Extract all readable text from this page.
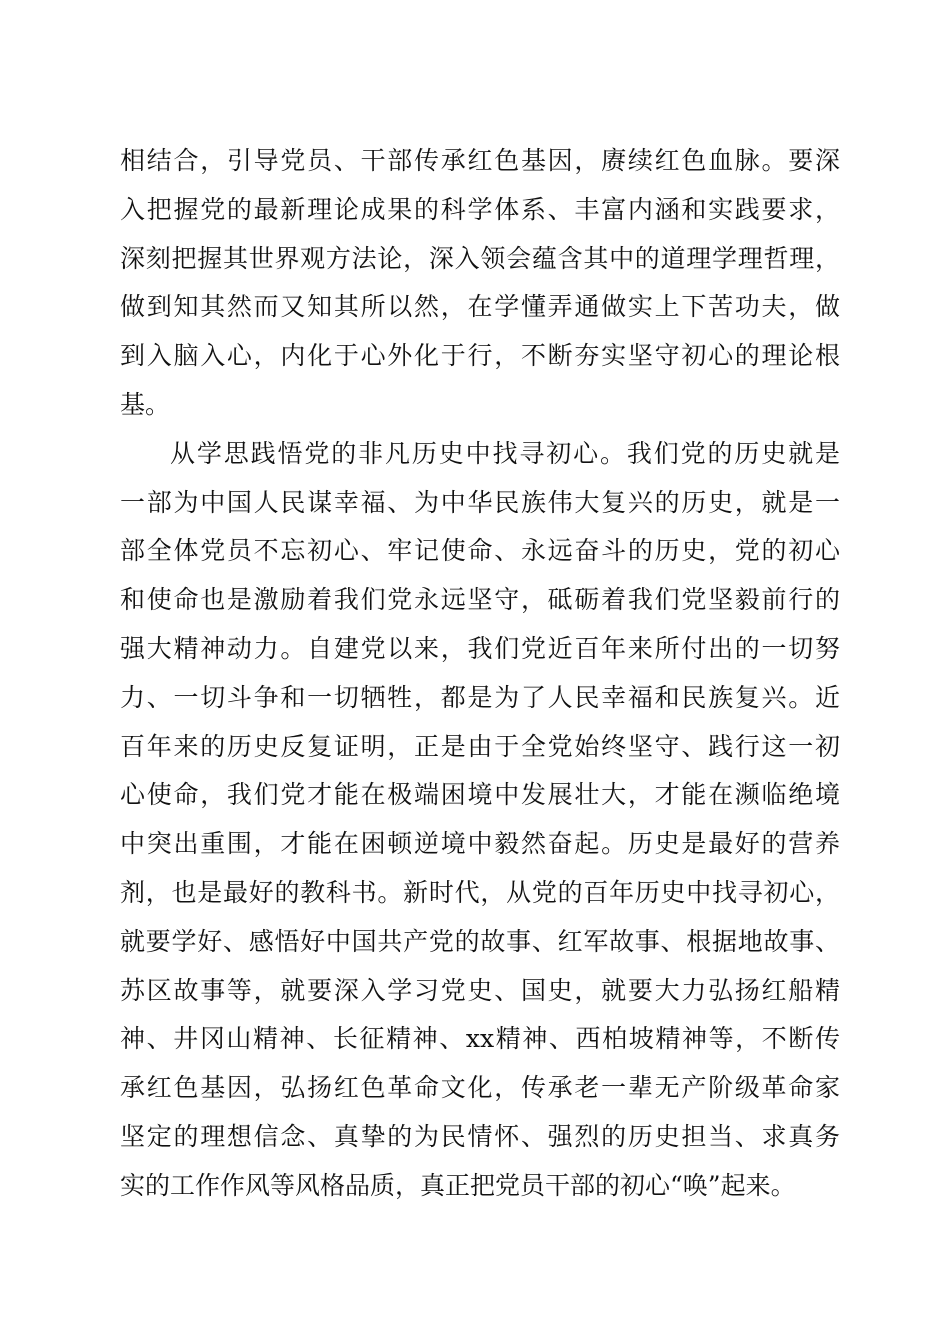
相结合，引导党员、干部传承红色基因，赓续红色血脉。要深
入把握党的最新理论成果的科学体系、丰富内涵和实践要求，
深刻把握其世界观方法论，深入领会蕴含其中的道理学理哲理，
做到知其然而又知其所以然，在学懂弄通做实上下苦功夫，做
到入脑入心，内化于心外化于行，不断夯实坚守初心的理论根
基。
从学思践悟党的非凡历史中找寻初心。我们党的历史就是
一部为中国人民谋幸福、为中华民族伟大复兴的历史，就是一
部全体党员不忘初心、牢记使命、永远奋斗的历史，党的初心
和使命也是激励着我们党永远坚守，砥砺着我们党坚毅前行的
强大精神动力。自建党以来，我们党近百年来所付出的一切努
力、一切斗争和一切牺牲，都是为了人民幸福和民族复兴。近
百年来的历史反复证明，正是由于全党始终坚守、践行这一初
心使命，我们党才能在极端困境中发展壮大，才能在濒临绝境
中突出重围，才能在困顿逆境中毅然奋起。历史是最好的营养
剂，也是最好的教科书。新时代，从党的百年历史中找寻初心，
就要学好、感悟好中国共产党的故事、红军故事、根据地故事、
苏区故事等，就要深入学习党史、国史，就要大力弘扬红船精
神、井冈山精神、长征精神、xx精神、西柏坡精神等，不断传
承红色基因，弘扬红色革命文化，传承老一辈无产阶级革命家
坚定的理想信念、真挚的为民情怀、强烈的历史担当、求真务
实的工作作风等风格品质，真正把党员干部的初心“唤”起来。
